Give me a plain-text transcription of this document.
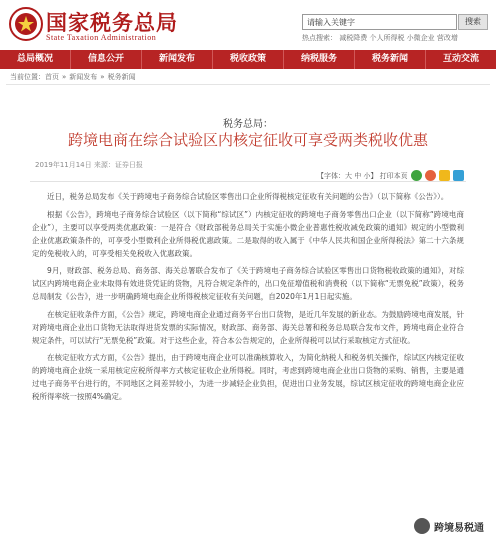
国家税务总局
State Taxation Administration
请输入关键字	搜索
热点搜索： 减税降费 个人所得税 小微企业 营改增
总局概况	信息公开	新闻发布	税收政策	纳税服务	税务新闻	互动交流
当前位置：首页 » 新闻发布 » 税务新闻
税务总局：
跨境电商在综合试验区内核定征收可享受两类税收优惠
2019年11月14日 来源：证券日报
【字体：大 中 小】 打印本页

近日，税务总局发布《关于跨境电子商务综合试验区零售出口企业所得税核定征收有关问题的公告》（以下简称《公告》）。

根据《公告》，跨境电子商务综合试验区（以下简称“综试区”）内核定征收的跨境电子商务零售出口企业（以下简称“跨境电商企业”），主要可以享受两类优惠政策：一是符合《财政部税务总局关于实施小微企业普惠性税收减免政策的通知》规定的小型微利企业优惠政策条件的，可享受小型微利企业所得税优惠政策。二是取得的收入属于《中华人民共和国企业所得税法》第二十六条规定的免税收入的，可享受相关免税收入优惠政策。

9月，财政部、税务总局、商务部、海关总署联合发布了《关于跨境电子商务综合试验区零售出口货物税收政策的通知》，对综试区内跨境电商企业未取得有效进货凭证的货物，凡符合规定条件的，出口免征增值税和消费税（以下简称“无票免税”政策），税务总局制发《公告》，进一步明确跨境电商企业所得税核定征收有关问题，自2020年1月1日起实施。

在核定征收条件方面，《公告》规定，跨境电商企业通过商务平台出口货物，是近几年发展的新业态。为鼓励跨境电商发展，针对跨境电商企业出口货物无法取得进货发票的实际情况，财政部、商务部、海关总署和税务总局联合发布文件，跨境电商企业符合规定条件，可以试行“无票免税”政策。对于这些企业，符合本公告规定的，企业所得税可以试行采取核定方式征收。

在核定征收方式方面，《公告》提出，由于跨境电商企业可以准确核算收入，为简化纳税人和税务机关操作，综试区内核定征收的跨境电商企业统一采用核定应税所得率方式核定征收企业所得税。同时，考虑到跨境电商企业出口货物的采购、销售，主要是通过电子商务平台进行的，不同地区之间差异较小，为进一步减轻企业负担，促进出口业务发展，综试区核定征收的跨境电商企业应税所得率统一按照4%确定。

跨境易税通
